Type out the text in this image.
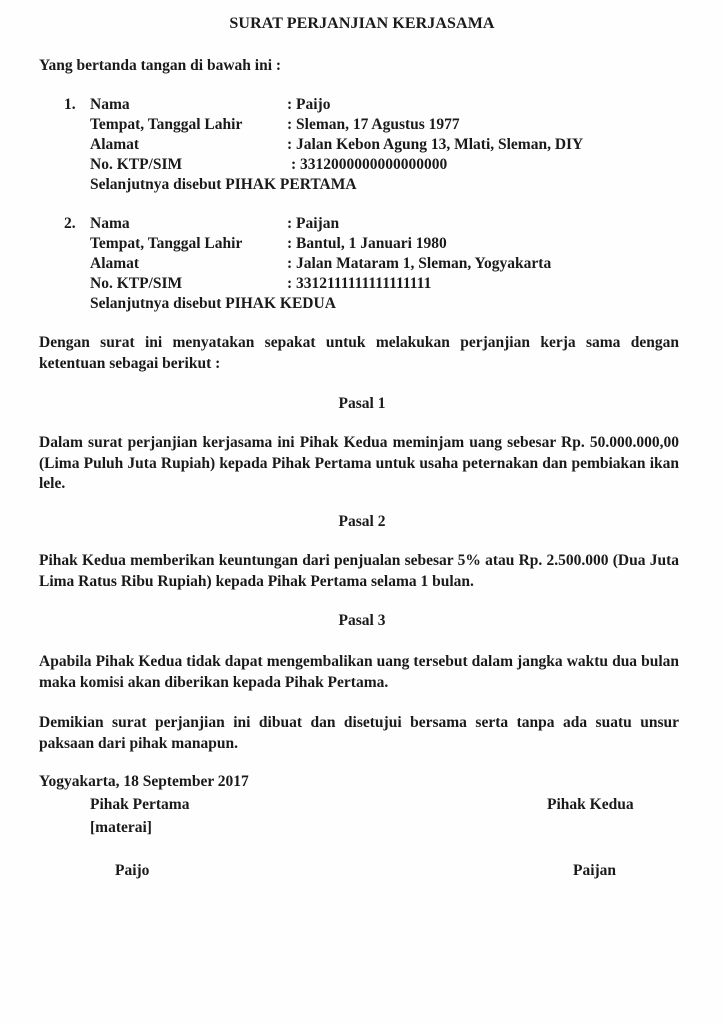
SURAT PERJANJIAN KERJASAMA
Yang bertanda tangan di bawah ini :
1. Nama	: Paijo
Tempat, Tanggal Lahir	: Sleman, 17 Agustus 1977
Alamat	: Jalan Kebon Agung 13, Mlati, Sleman, DIY
No. KTP/SIM	: 3312000000000000000
Selanjutnya disebut PIHAK PERTAMA
2. Nama	: Paijan
Tempat, Tanggal Lahir	: Bantul, 1 Januari 1980
Alamat	: Jalan Mataram 1, Sleman, Yogyakarta
No. KTP/SIM	: 3312111111111111111
Selanjutnya disebut PIHAK KEDUA
Dengan surat ini menyatakan sepakat untuk melakukan perjanjian kerja sama dengan ketentuan sebagai berikut :
Pasal 1
Dalam surat perjanjian kerjasama ini Pihak Kedua meminjam uang sebesar Rp. 50.000.000,00 (Lima Puluh Juta Rupiah) kepada Pihak Pertama untuk usaha peternakan dan pembiakan ikan lele.
Pasal 2
Pihak Kedua memberikan keuntungan dari penjualan sebesar 5% atau Rp. 2.500.000 (Dua Juta Lima Ratus Ribu Rupiah) kepada Pihak Pertama selama 1 bulan.
Pasal 3
Apabila Pihak Kedua tidak dapat mengembalikan uang tersebut dalam jangka waktu dua bulan maka komisi akan diberikan kepada Pihak Pertama.
Demikian surat perjanjian ini dibuat dan disetujui bersama serta tanpa ada suatu unsur paksaan dari pihak manapun.
Yogyakarta, 18 September 2017
Pihak Pertama
[materai]
Paijo
Pihak Kedua
Paijan
